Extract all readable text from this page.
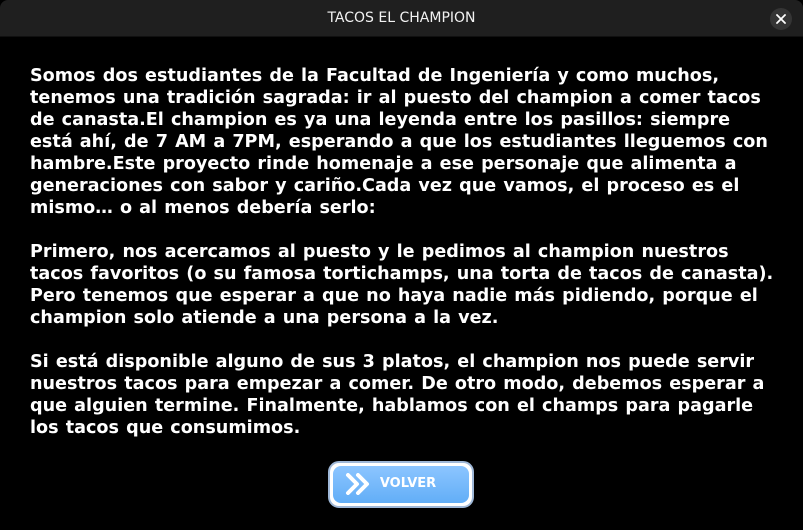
TACOS EL CHAMPION

Somos dos estudiantes de la Facultad de Ingeniería y como muchos, tenemos una tradición sagrada: ir al puesto del champion a comer tacos de canasta.El champion es ya una leyenda entre los pasillos: siempre está ahí, de 7 AM a 7PM, esperando a que los estudiantes lleguemos con hambre.Este proyecto rinde homenaje a ese personaje que alimenta a generaciones con sabor y cariño.Cada vez que vamos, el proceso es el mismo… o al menos debería serlo:

Primero, nos acercamos al puesto y le pedimos al champion nuestros tacos favoritos (o su famosa tortichamps, una torta de tacos de canasta). Pero tenemos que esperar a que no haya nadie más pidiendo, porque el champion solo atiende a una persona a la vez.

Si está disponible alguno de sus 3 platos, el champion nos puede servir nuestros tacos para empezar a comer. De otro modo, debemos esperar a que alguien termine. Finalmente, hablamos con el champs para pagarle los tacos que consumimos.

VOLVER
